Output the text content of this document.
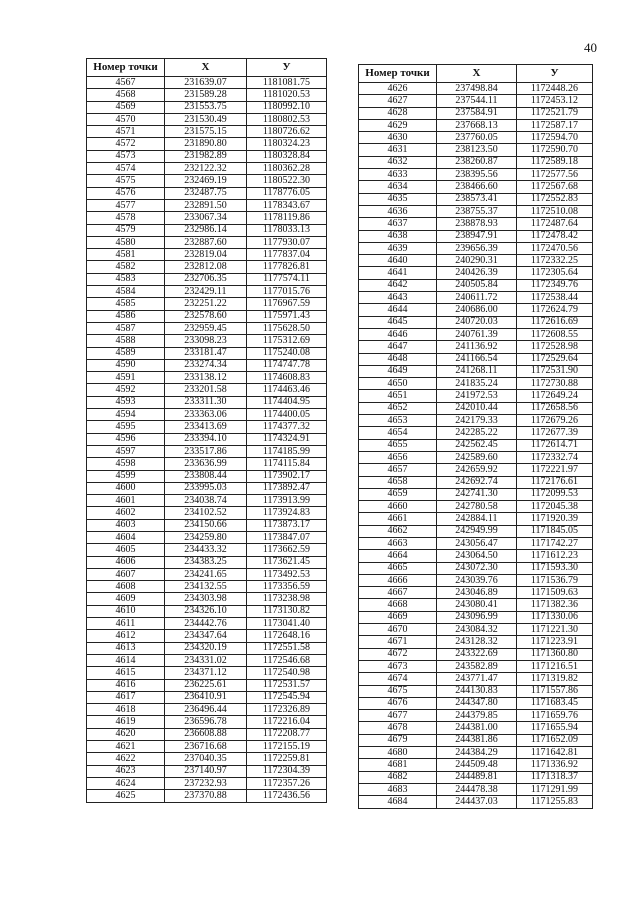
40
Номер точки	X	У
4567	231639.07	1181081.75
4568	231589.28	1181020.53
4569	231553.75	1180992.10
4570	231530.49	1180802.53
4571	231575.15	1180726.62
4572	231890.80	1180324.23
4573	231982.89	1180328.84
4574	232122.32	1180362.28
4575	232469.19	1180522.30
4576	232487.75	1178776.05
4577	232891.50	1178343.67
4578	233067.34	1178119.86
4579	232986.14	1178033.13
4580	232887.60	1177930.07
4581	232819.04	1177837.04
4582	232812.08	1177826.81
4583	232706.35	1177574.11
4584	232429.11	1177015.76
4585	232251.22	1176967.59
4586	232578.60	1175971.43
4587	232959.45	1175628.50
4588	233098.23	1175312.69
4589	233181.47	1175240.08
4590	233274.34	1174747.78
4591	233138.12	1174608.83
4592	233201.58	1174463.46
4593	233311.30	1174404.95
4594	233363.06	1174400.05
4595	233413.69	1174377.32
4596	233394.10	1174324.91
4597	233517.86	1174185.99
4598	233636.99	1174115.84
4599	233808.44	1173902.17
4600	233995.03	1173892.47
4601	234038.74	1173913.99
4602	234102.52	1173924.83
4603	234150.66	1173873.17
4604	234259.80	1173847.07
4605	234433.32	1173662.59
4606	234383.25	1173621.45
4607	234241.65	1173492.53
4608	234132.55	1173356.59
4609	234303.98	1173238.98
4610	234326.10	1173130.82
4611	234442.76	1173041.40
4612	234347.64	1172648.16
4613	234320.19	1172551.58
4614	234331.02	1172546.68
4615	234371.12	1172540.98
4616	236225.61	1172531.57
4617	236410.91	1172545.94
4618	236496.44	1172326.89
4619	236596.78	1172216.04
4620	236608.88	1172208.77
4621	236716.68	1172155.19
4622	237040.35	1172259.81
4623	237140.97	1172304.39
4624	237232.93	1172357.26
4625	237370.88	1172436.56
Номер точки	X	У
4626	237498.84	1172448.26
4627	237544.11	1172453.12
4628	237584.91	1172521.79
4629	237668.13	1172587.17
4630	237760.05	1172594.70
4631	238123.50	1172590.70
4632	238260.87	1172589.18
4633	238395.56	1172577.56
4634	238466.60	1172567.68
4635	238573.41	1172552.83
4636	238755.37	1172510.08
4637	238878.93	1172487.64
4638	238947.91	1172478.42
4639	239656.39	1172470.56
4640	240290.31	1172332.25
4641	240426.39	1172305.64
4642	240505.84	1172349.76
4643	240611.72	1172538.44
4644	240686.00	1172624.79
4645	240720.03	1172616.69
4646	240761.39	1172608.55
4647	241136.92	1172528.98
4648	241166.54	1172529.64
4649	241268.11	1172531.90
4650	241835.24	1172730.88
4651	241972.53	1172649.24
4652	242010.44	1172658.56
4653	242179.33	1172679.26
4654	242285.22	1172677.39
4655	242562.45	1172614.71
4656	242589.60	1172332.74
4657	242659.92	1172221.97
4658	242692.74	1172176.61
4659	242741.30	1172099.53
4660	242780.58	1172045.38
4661	242884.11	1171920.39
4662	242949.99	1171845.05
4663	243056.47	1171742.27
4664	243064.50	1171612.23
4665	243072.30	1171593.30
4666	243039.76	1171536.79
4667	243046.89	1171509.63
4668	243080.41	1171382.36
4669	243096.99	1171330.06
4670	243084.32	1171221.30
4671	243128.32	1171223.91
4672	243322.69	1171360.80
4673	243582.89	1171216.51
4674	243771.47	1171319.82
4675	244130.83	1171557.86
4676	244347.80	1171683.45
4677	244379.85	1171659.76
4678	244381.00	1171655.94
4679	244381.86	1171652.09
4680	244384.29	1171642.81
4681	244509.48	1171336.92
4682	244489.81	1171318.37
4683	244478.38	1171291.99
4684	244437.03	1171255.83
